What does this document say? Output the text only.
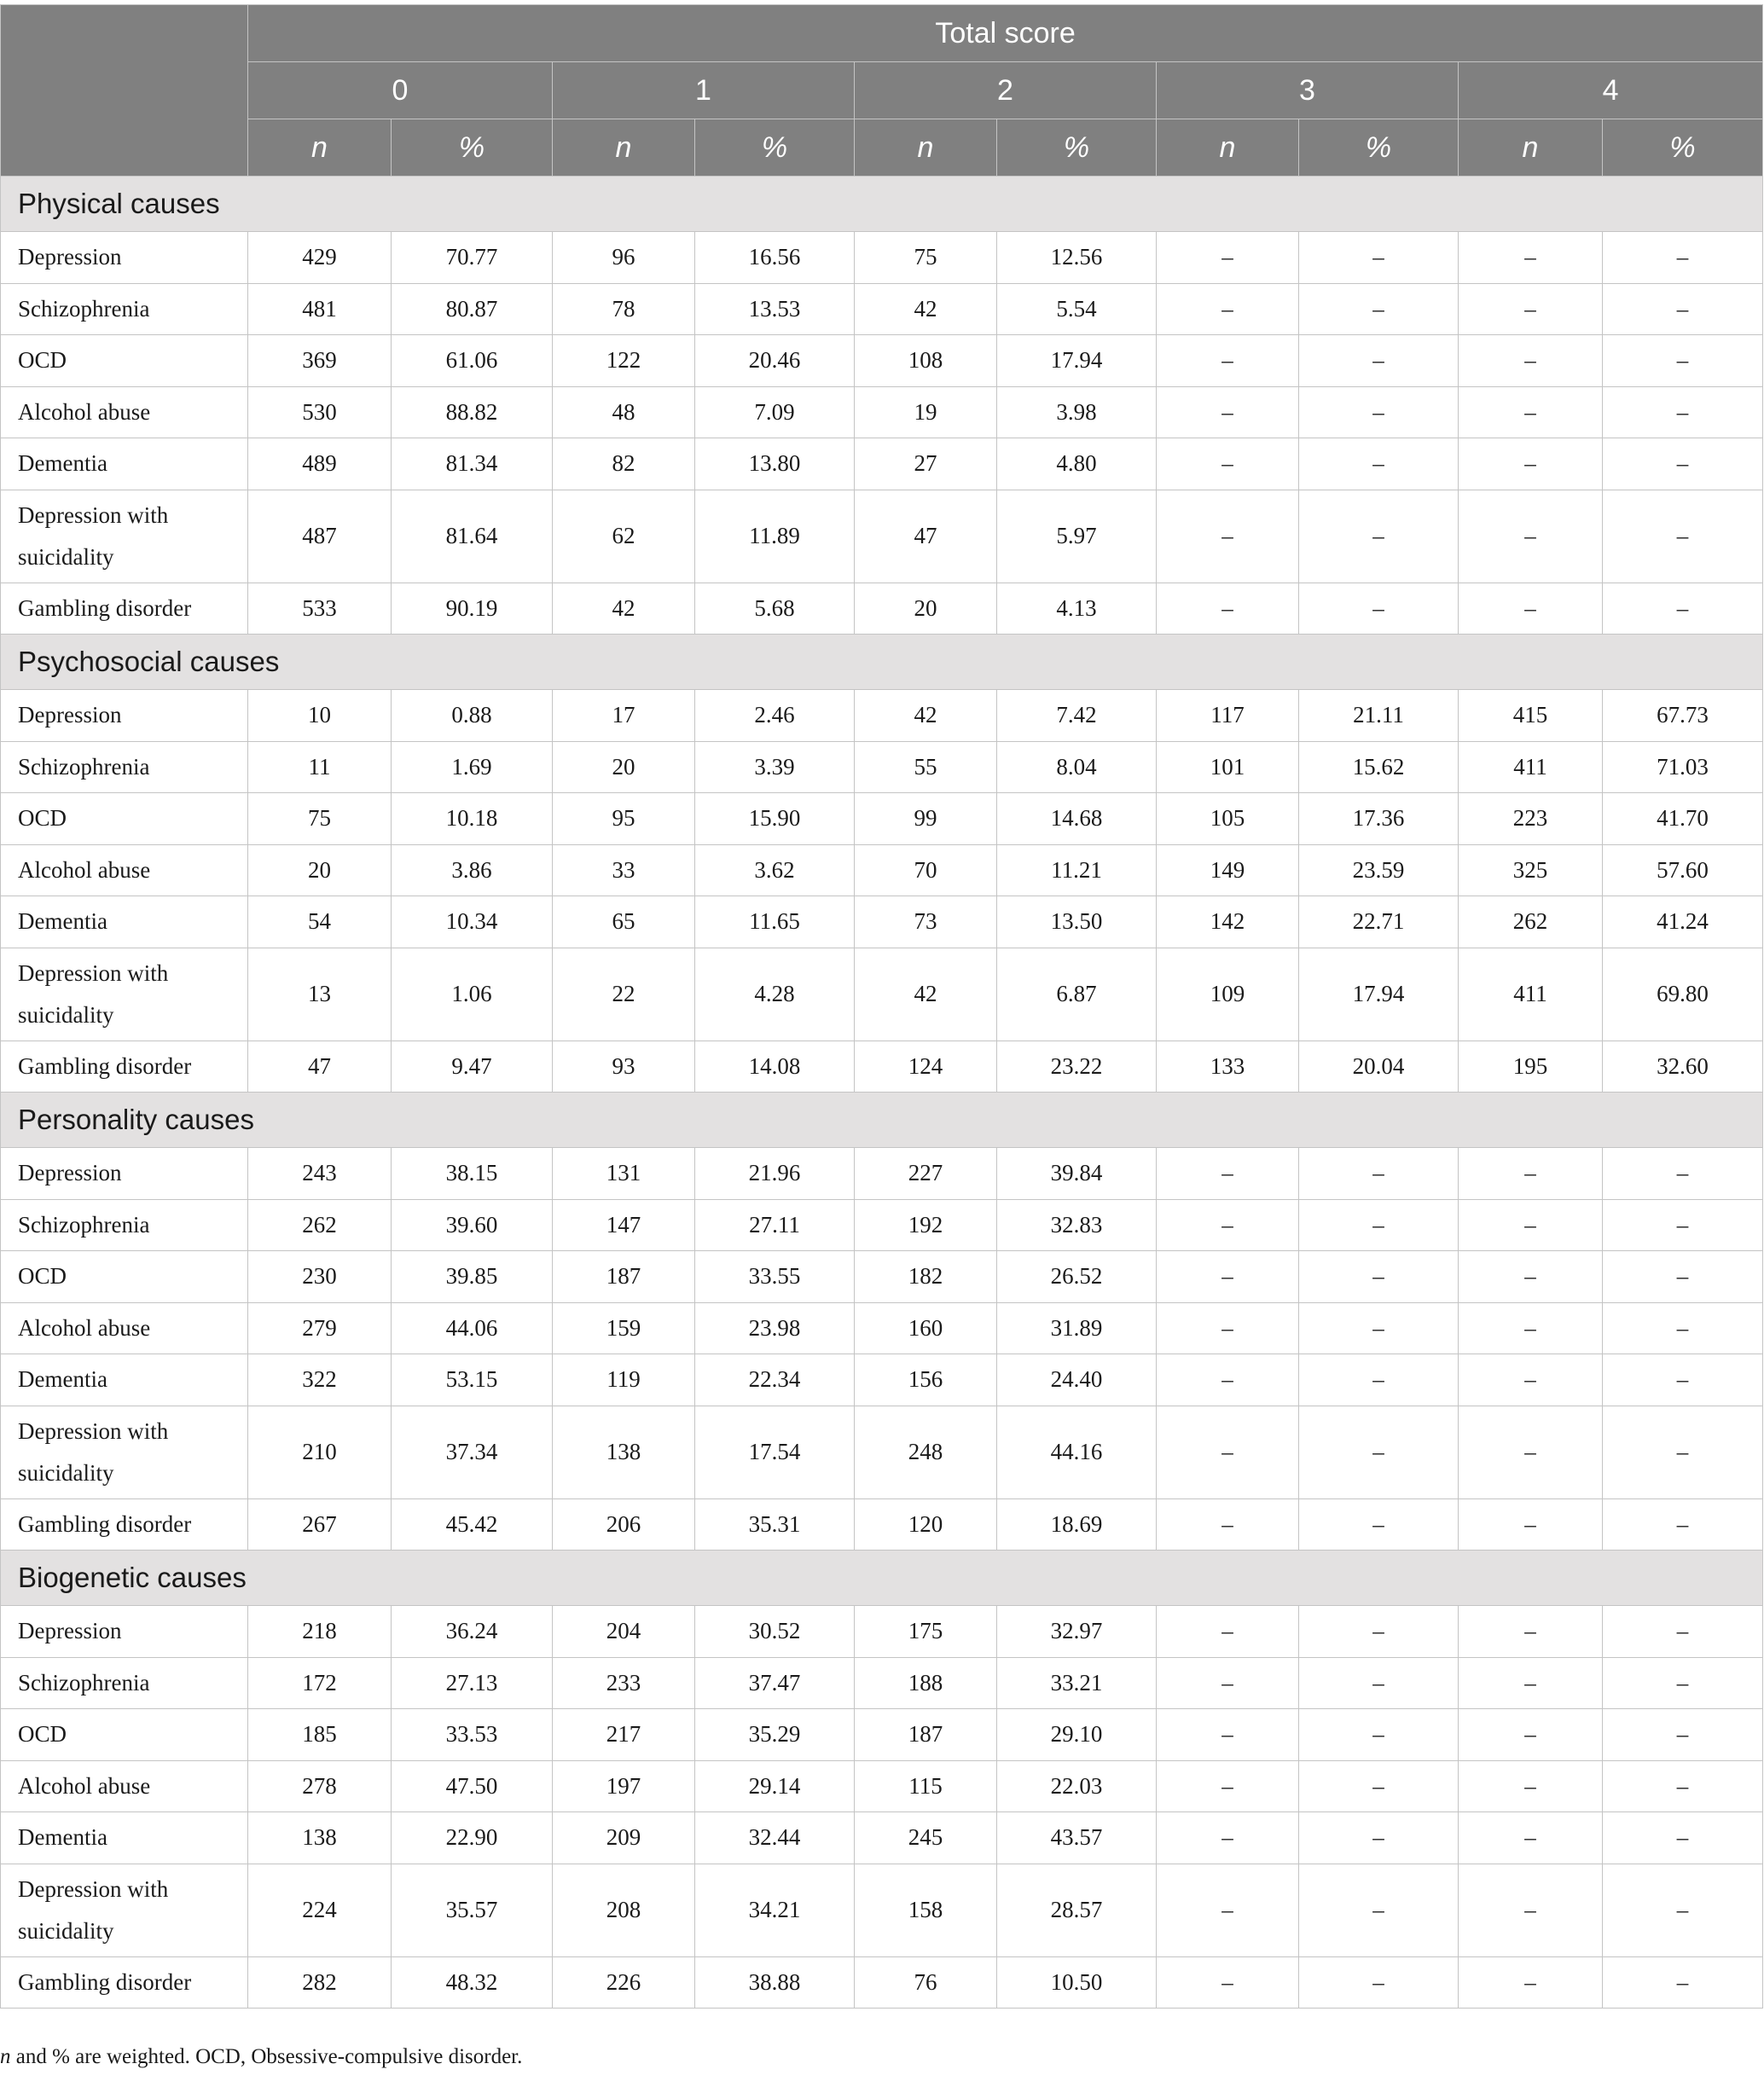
	Total score									
	0		1		2		3		4	
	n	%	n	%	n	%	n	%	n	%
Physical causes										
Depression	429	70.77	96	16.56	75	12.56	–	–	–	–
Schizophrenia	481	80.87	78	13.53	42	5.54	–	–	–	–
OCD	369	61.06	122	20.46	108	17.94	–	–	–	–
Alcohol abuse	530	88.82	48	7.09	19	3.98	–	–	–	–
Dementia	489	81.34	82	13.80	27	4.80	–	–	–	–
Depression with suicidality	487	81.64	62	11.89	47	5.97	–	–	–	–
Gambling disorder	533	90.19	42	5.68	20	4.13	–	–	–	–
Psychosocial causes										
Depression	10	0.88	17	2.46	42	7.42	117	21.11	415	67.73
Schizophrenia	11	1.69	20	3.39	55	8.04	101	15.62	411	71.03
OCD	75	10.18	95	15.90	99	14.68	105	17.36	223	41.70
Alcohol abuse	20	3.86	33	3.62	70	11.21	149	23.59	325	57.60
Dementia	54	10.34	65	11.65	73	13.50	142	22.71	262	41.24
Depression with suicidality	13	1.06	22	4.28	42	6.87	109	17.94	411	69.80
Gambling disorder	47	9.47	93	14.08	124	23.22	133	20.04	195	32.60
Personality causes										
Depression	243	38.15	131	21.96	227	39.84	–	–	–	–
Schizophrenia	262	39.60	147	27.11	192	32.83	–	–	–	–
OCD	230	39.85	187	33.55	182	26.52	–	–	–	–
Alcohol abuse	279	44.06	159	23.98	160	31.89	–	–	–	–
Dementia	322	53.15	119	22.34	156	24.40	–	–	–	–
Depression with suicidality	210	37.34	138	17.54	248	44.16	–	–	–	–
Gambling disorder	267	45.42	206	35.31	120	18.69	–	–	–	–
Biogenetic causes										
Depression	218	36.24	204	30.52	175	32.97	–	–	–	–
Schizophrenia	172	27.13	233	37.47	188	33.21	–	–	–	–
OCD	185	33.53	217	35.29	187	29.10	–	–	–	–
Alcohol abuse	278	47.50	197	29.14	115	22.03	–	–	–	–
Dementia	138	22.90	209	32.44	245	43.57	–	–	–	–
Depression with suicidality	224	35.57	208	34.21	158	28.57	–	–	–	–
Gambling disorder	282	48.32	226	38.88	76	10.50	–	–	–	–
n and % are weighted. OCD, Obsessive-compulsive disorder.
